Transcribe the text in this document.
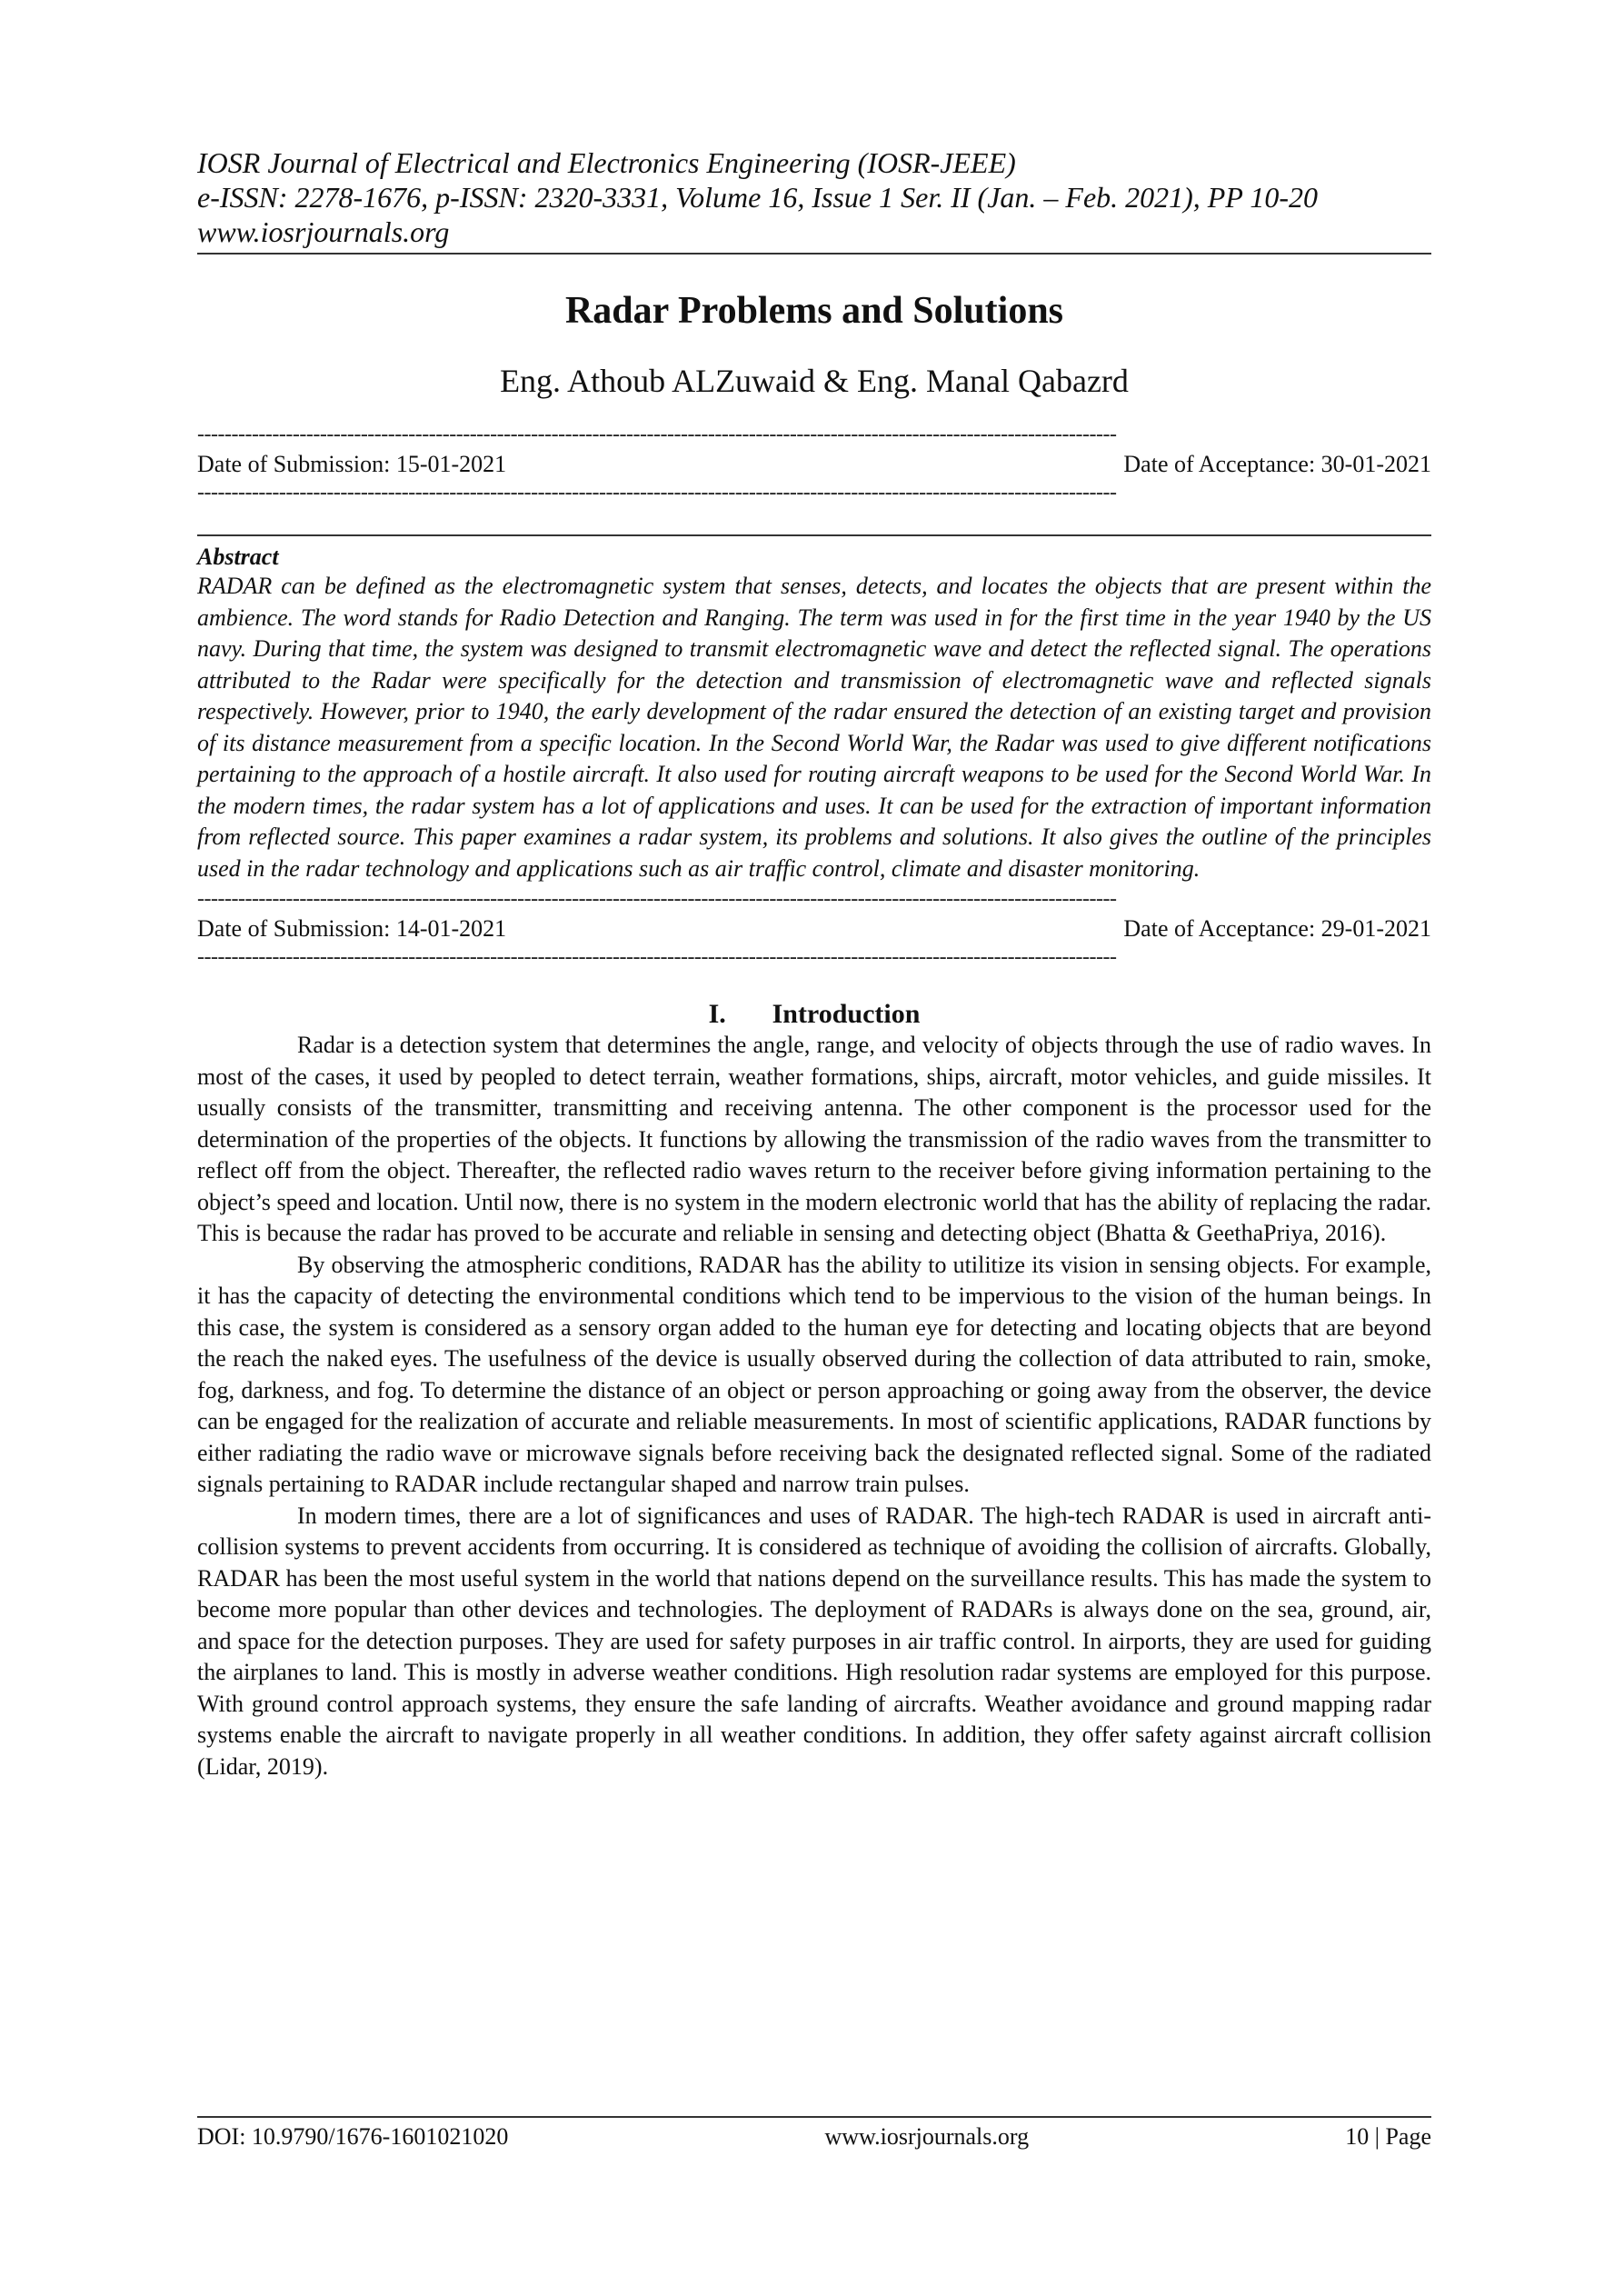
IOSR Journal of Electrical and Electronics Engineering (IOSR-JEEE)
e-ISSN: 2278-1676, p-ISSN: 2320-3331, Volume 16, Issue 1 Ser. II (Jan. – Feb. 2021), PP 10-20
www.iosrjournals.org
Radar Problems and Solutions
Eng. Athoub ALZuwaid & Eng. Manal Qabazrd
---------------------------------------------------------------------------------------------------------------------------------------
Date of Submission: 15-01-2021	Date of Acceptance: 30-01-2021
---------------------------------------------------------------------------------------------------------------------------------------
Abstract

RADAR can be defined as the electromagnetic system that senses, detects, and locates the objects that are present within the ambience. The word stands for Radio Detection and Ranging. The term was used in for the first time in the year 1940 by the US navy. During that time, the system was designed to transmit electromagnetic wave and detect the reflected signal. The operations attributed to the Radar were specifically for the detection and transmission of electromagnetic wave and reflected signals respectively. However, prior to 1940, the early development of the radar ensured the detection of an existing target and provision of its distance measurement from a specific location. In the Second World War, the Radar was used to give different notifications pertaining to the approach of a hostile aircraft. It also used for routing aircraft weapons to be used for the Second World War. In the modern times, the radar system has a lot of applications and uses. It can be used for the extraction of important information from reflected source. This paper examines a radar system, its problems and solutions. It also gives the outline of the principles used in the radar technology and applications such as air traffic control, climate and disaster monitoring.

---------------------------------------------------------------------------------------------------------------------------------------
Date of Submission: 14-01-2021	Date of Acceptance: 29-01-2021
---------------------------------------------------------------------------------------------------------------------------------------
I. Introduction

Radar is a detection system that determines the angle, range, and velocity of objects through the use of radio waves. In most of the cases, it used by peopled to detect terrain, weather formations, ships, aircraft, motor vehicles, and guide missiles. It usually consists of the transmitter, transmitting and receiving antenna. The other component is the processor used for the determination of the properties of the objects. It functions by allowing the transmission of the radio waves from the transmitter to reflect off from the object. Thereafter, the reflected radio waves return to the receiver before giving information pertaining to the object’s speed and location. Until now, there is no system in the modern electronic world that has the ability of replacing the radar. This is because the radar has proved to be accurate and reliable in sensing and detecting object (Bhatta & GeethaPriya, 2016).

By observing the atmospheric conditions, RADAR has the ability to utilitize its vision in sensing objects. For example, it has the capacity of detecting the environmental conditions which tend to be impervious to the vision of the human beings. In this case, the system is considered as a sensory organ added to the human eye for detecting and locating objects that are beyond the reach the naked eyes. The usefulness of the device is usually observed during the collection of data attributed to rain, smoke, fog, darkness, and fog. To determine the distance of an object or person approaching or going away from the observer, the device can be engaged for the realization of accurate and reliable measurements. In most of scientific applications, RADAR functions by either radiating the radio wave or microwave signals before receiving back the designated reflected signal. Some of the radiated signals pertaining to RADAR include rectangular shaped and narrow train pulses.

In modern times, there are a lot of significances and uses of RADAR. The high-tech RADAR is used in aircraft anti-collision systems to prevent accidents from occurring. It is considered as technique of avoiding the collision of aircrafts. Globally, RADAR has been the most useful system in the world that nations depend on the surveillance results. This has made the system to become more popular than other devices and technologies. The deployment of RADARs is always done on the sea, ground, air, and space for the detection purposes. They are used for safety purposes in air traffic control. In airports, they are used for guiding the airplanes to land. This is mostly in adverse weather conditions. High resolution radar systems are employed for this purpose. With ground control approach systems, they ensure the safe landing of aircrafts. Weather avoidance and ground mapping radar systems enable the aircraft to navigate properly in all weather conditions. In addition, they offer safety against aircraft collision (Lidar, 2019).

DOI: 10.9790/1676-1601021020	www.iosrjournals.org	10 | Page
